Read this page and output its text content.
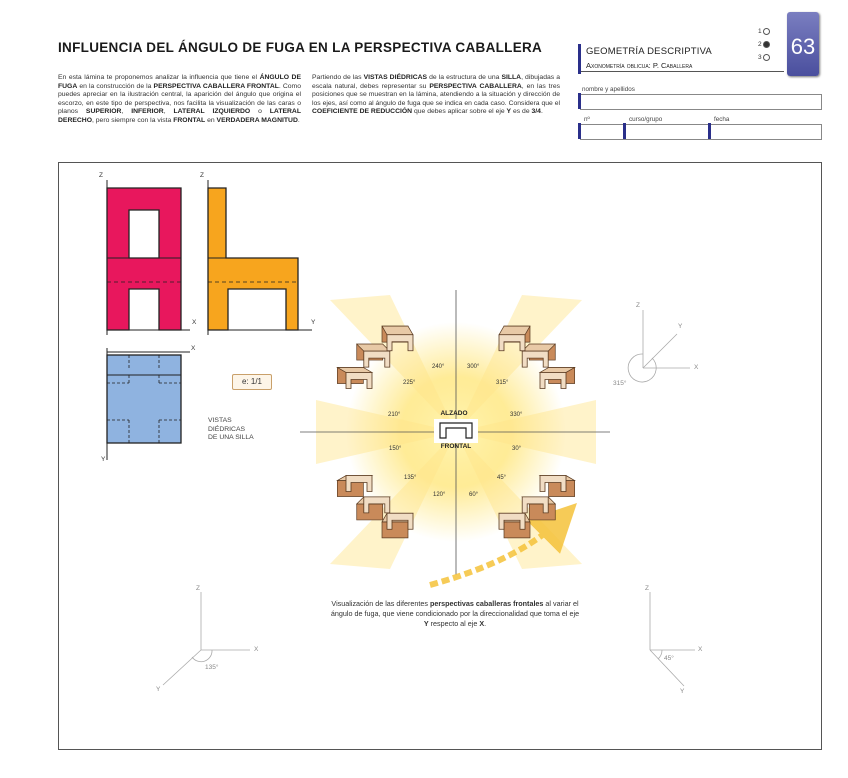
INFLUENCIA DEL ÁNGULO DE FUGA EN LA PERSPECTIVA CABALLERA
En esta lámina te proponemos analizar la influencia que tiene el ÁNGULO DE FUGA en la construcción de la PERSPECTIVA CABALLERA FRONTAL. Como puedes apreciar en la ilustración central, la aparición del ángulo que origina el escorzo, en este tipo de perspectiva, nos facilita la visualización de las caras o planos SUPERIOR, INFERIOR, LATERAL IZQUIERDO o LATERAL DERECHO, pero siempre con la vista FRONTAL en VERDADERA MAGNITUD.
Partiendo de las VISTAS DIÉDRICAS de la estructura de una SILLA, dibujadas a escala natural, debes representar su PERSPECTIVA CABALLERA, en las tres posiciones que se muestran en la lámina, atendiendo a la situación y dirección de los ejes, así como al ángulo de fuga que se indica en cada caso. Considera que el COEFICIENTE DE REDUCCIÓN que debes aplicar sobre el eje Y es de 3/4.
GEOMETRÍA DESCRIPTIVA
Axonometría oblicua: P. Caballera
1
2
3 63
nombre y apellidos
nº	curso/grupo	fecha
Z
X
Z
Y
X
Y
e: 1/1
VISTAS
DIÉDRICAS
DE UNA SILLA
ALZADO
FRONTAL
240°	300°
225°	315°
210°	330°
150°	30°
135°	45°
120°	60°
Z
X
Y
315°
Z
X
Y
135°
Z
X
Y
45°
Visualización de las diferentes perspectivas caballeras frontales al variar el ángulo de fuga, que viene condicionado por la direccionalidad que toma el eje Y respecto al eje X.
